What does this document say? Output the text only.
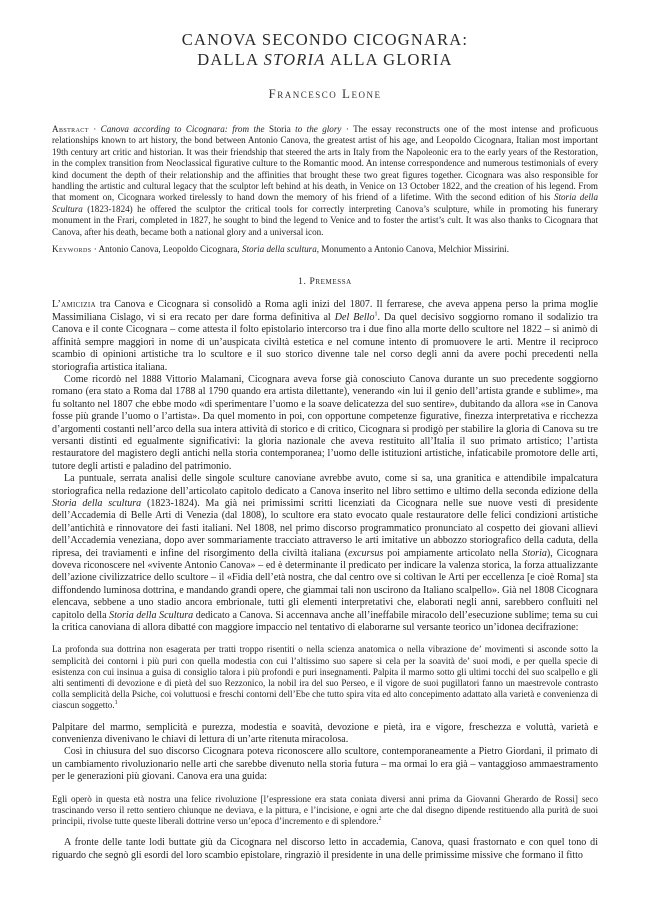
CANOVA SECONDO CICOGNARA:
DALLA STORIA ALLA GLORIA
Francesco Leone

Abstract · Canova according to Cicognara: from the Storia to the glory · The essay reconstructs one of the most intense and proficuous relationships known to art history, the bond between Antonio Canova, the greatest artist of his age, and Leopoldo Cicognara, Italian most important 19th century art critic and historian. It was their friendship that steered the arts in Italy from the Napoleonic era to the early years of the Restoration, in the complex transition from Neoclassical figurative culture to the Romantic mood. An intense correspondence and numerous testimonials of every kind document the depth of their relationship and the affinities that brought these two great figures together. Cicognara was also responsible for handling the artistic and cultural legacy that the sculptor left behind at his death, in Venice on 13 October 1822, and the creation of his legend. From that moment on, Cicognara worked tirelessly to hand down the memory of his friend of a lifetime. With the second edition of his Storia della Scultura (1823-1824) he offered the sculptor the critical tools for correctly interpreting Canova’s sculpture, while in promoting his funerary monument in the Frari, completed in 1827, he sought to bind the legend to Venice and to foster the artist’s cult. It was also thanks to Cicognara that Canova, after his death, became both a national glory and a universal icon.

Keywords · Antonio Canova, Leopoldo Cicognara, Storia della scultura, Monumento a Antonio Canova, Melchior Missirini.

1. Premessa

L’amicizia tra Canova e Cicognara si consolidò a Roma agli inizi del 1807. Il ferrarese, che aveva appena perso la prima moglie Massimiliana Cislago, vi si era recato per dare forma definitiva al Del Bello$^1$. Da quel decisivo soggiorno romano il sodalizio tra Canova e il conte Cicognara – come attesta il folto epistolario intercorso tra i due fino alla morte dello scultore nel 1822 – si animò di affinità sempre maggiori in nome di un’auspicata civiltà estetica e nel comune intento di promuovere le arti. Mentre il reciproco scambio di opinioni artistiche tra lo scultore e il suo storico divenne tale nel corso degli anni da avere pochi precedenti nella storiografia artistica italiana.

Come ricordò nel 1888 Vittorio Malamani, Cicognara aveva forse già conosciuto Canova durante un suo precedente soggiorno romano (era stato a Roma dal 1788 al 1790 quando era artista dilettante), venerando «in lui il genio dell’artista grande e sublime», ma fu soltanto nel 1807 che ebbe modo «di sperimentare l’uomo e la soave delicatezza del suo sentire», dubitando da allora «se in Canova fosse più grande l’uomo o l’artista». Da quel momento in poi, con opportune competenze figurative, finezza interpretativa e ricchezza d’argomenti costanti nell’arco della sua intera attività di storico e di critico, Cicognara si prodigò per stabilire la gloria di Canova su tre versanti distinti ed egualmente significativi: la gloria nazionale che aveva restituito all’Italia il suo primato artistico; l’artista restauratore del magistero degli antichi nella storia contemporanea; l’uomo delle istituzioni artistiche, infaticabile promotore delle arti, tutore degli artisti e paladino del patrimonio.

La puntuale, serrata analisi delle singole sculture canoviane avrebbe avuto, come si sa, una granitica e attendibile impalcatura storiografica nella redazione dell’articolato capitolo dedicato a Canova inserito nel libro settimo e ultimo della seconda edizione della Storia della scultura (1823-1824). Ma già nei primissimi scritti licenziati da Cicognara nelle sue nuove vesti di presidente dell’Accademia di Belle Arti di Venezia (dal 1808), lo scultore era stato evocato quale restauratore delle felici condizioni artistiche dell’antichità e rinnovatore dei fasti italiani. Nel 1808, nel primo discorso programmatico pronunciato al cospetto dei giovani allievi dell’Accademia veneziana, dopo aver sommariamente tracciato attraverso le arti imitative un abbozzo storiografico della caduta, della ripresa, dei traviamenti e infine del risorgimento della civiltà italiana (excursus poi ampiamente articolato nella Storia), Cicognara doveva riconoscere nel «vivente Antonio Canova» – ed è determinante il predicato per indicare la valenza storica, la forza attualizzante dell’azione civilizzatrice dello scultore – il «Fidia dell’età nostra, che dal centro ove si coltivan le Arti per eccellenza [e cioè Roma] sta diffondendo luminosa dottrina, e mandando grandi opere, che giammai tali non uscirono da Italiano scalpello». Già nel 1808 Cicognara elencava, sebbene a uno stadio ancora embrionale, tutti gli elementi interpretativi che, elaborati negli anni, sarebbero confluiti nel capitolo della Storia della Scultura dedicato a Canova. Si accennava anche all’ineffabile miracolo dell’esecuzione sublime; tema su cui la critica canoviana di allora dibatté con maggiore impaccio nel tentativo di elaborarne sul versante teorico un’idonea decifrazione:

La profonda sua dottrina non esagerata per tratti troppo risentiti o nella scienza anatomica o nella vibrazione de’ movimenti si asconde sotto la semplicità dei contorni i più puri con quella modestia con cui l’altissimo suo sapere si cela per la soavità de’ suoi modi, e per quella specie di esistenza con cui insinua a guisa di consiglio talora i più profondi e puri insegnamenti. Palpita il marmo sotto gli ultimi tocchi del suo scalpello e gli alti sentimenti di devozione e di pietà del suo Rezzonico, la nobil ira del suo Perseo, e il vigore de suoi pugillatori fanno un maestrevole contrasto colla semplicità della Psiche, coi voluttuosi e freschi contorni dell’Ebe che tutto spira vita ed alto concepimento adattato alla varietà e convenienza di ciascun soggetto.$^1$

Palpitare del marmo, semplicità e purezza, modestia e soavità, devozione e pietà, ira e vigore, freschezza e voluttà, varietà e convenienza divenivano le chiavi di lettura di un’arte ritenuta miracolosa.

Così in chiusura del suo discorso Cicognara poteva riconoscere allo scultore, contemporaneamente a Pietro Giordani, il primato di un cambiamento rivoluzionario nelle arti che sarebbe divenuto nella storia futura – ma ormai lo era già – vantaggioso ammaestramento per le generazioni più giovani. Canova era una guida:

Egli operò in questa età nostra una felice rivoluzione [l’espressione era stata coniata diversi anni prima da Giovanni Gherardo de Rossi] seco trascinando verso il retto sentiero chiunque ne deviava, e la pittura, e l’incisione, e ogni arte che dal disegno dipende restituendo alla purità de suoi principii, rivolse tutte queste liberali dottrine verso un’epoca d’incremento e di splendore.$^2$

A fronte delle tante lodi buttate giù da Cicognara nel discorso letto in accademia, Canova, quasi frastornato e con quel tono di riguardo che segnò gli esordi del loro scambio epistolare, ringraziò il presidente in una delle primissime missive che formano il fitto
